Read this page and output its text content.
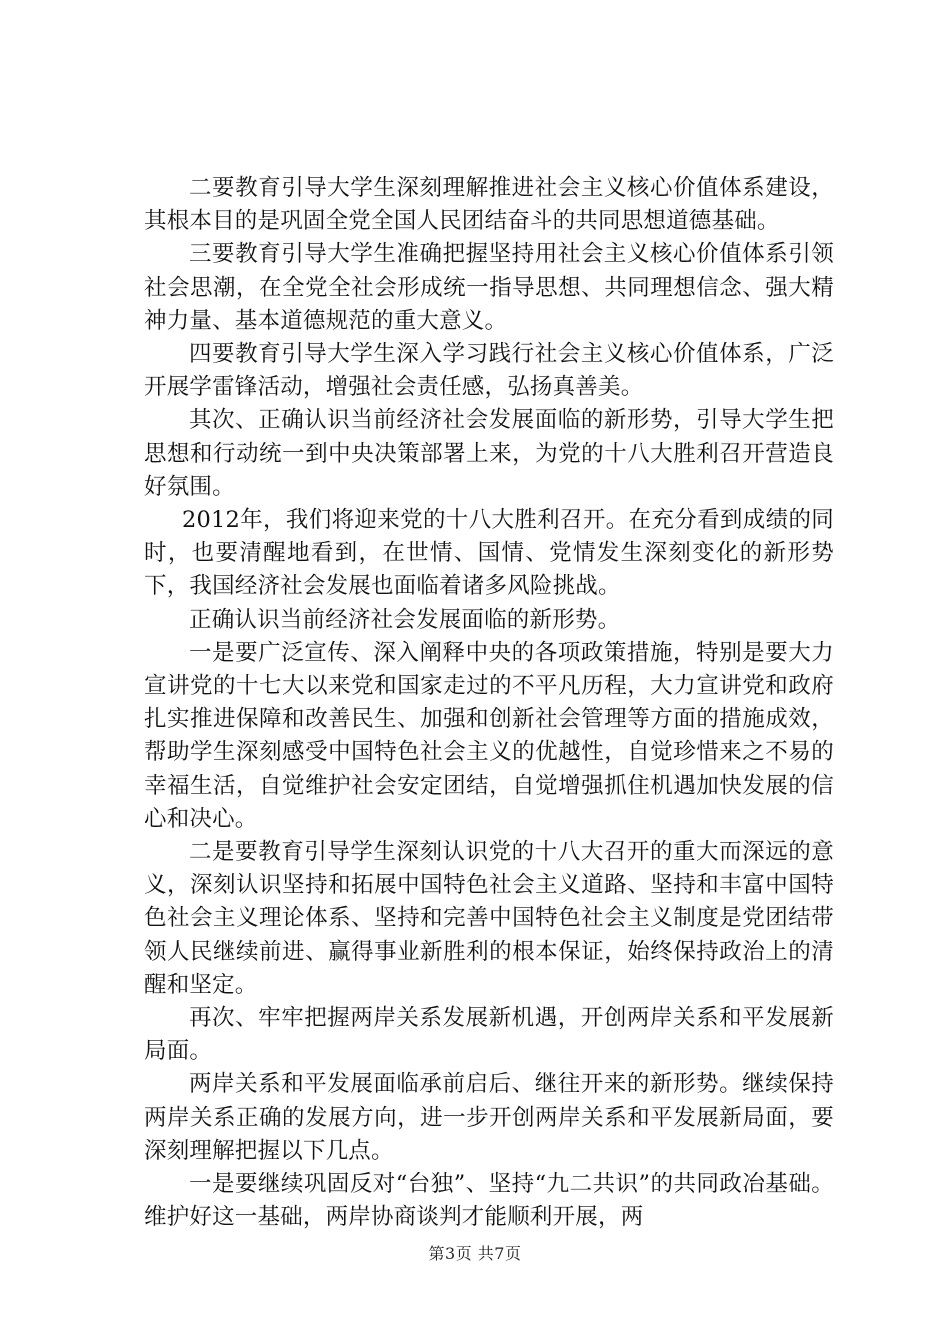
二要教育引导大学生深刻理解推进社会主义核心价值体系建设，其根本目的是巩固全党全国人民团结奋斗的共同思想道德基础。

三要教育引导大学生准确把握坚持用社会主义核心价值体系引领社会思潮，在全党全社会形成统一指导思想、共同理想信念、强大精神力量、基本道德规范的重大意义。

四要教育引导大学生深入学习践行社会主义核心价值体系，广泛开展学雷锋活动，增强社会责任感，弘扬真善美。

其次、正确认识当前经济社会发展面临的新形势，引导大学生把思想和行动统一到中央决策部署上来，为党的十八大胜利召开营造良好氛围。

2012年，我们将迎来党的十八大胜利召开。在充分看到成绩的同时，也要清醒地看到，在世情、国情、党情发生深刻变化的新形势下，我国经济社会发展也面临着诸多风险挑战。

正确认识当前经济社会发展面临的新形势。

一是要广泛宣传、深入阐释中央的各项政策措施，特别是要大力宣讲党的十七大以来党和国家走过的不平凡历程，大力宣讲党和政府扎实推进保障和改善民生、加强和创新社会管理等方面的措施成效，帮助学生深刻感受中国特色社会主义的优越性，自觉珍惜来之不易的幸福生活，自觉维护社会安定团结，自觉增强抓住机遇加快发展的信心和决心。

二是要教育引导学生深刻认识党的十八大召开的重大而深远的意义，深刻认识坚持和拓展中国特色社会主义道路、坚持和丰富中国特色社会主义理论体系、坚持和完善中国特色社会主义制度是党团结带领人民继续前进、赢得事业新胜利的根本保证，始终保持政治上的清醒和坚定。

再次、牢牢把握两岸关系发展新机遇，开创两岸关系和平发展新局面。

两岸关系和平发展面临承前启后、继往开来的新形势。继续保持两岸关系正确的发展方向，进一步开创两岸关系和平发展新局面，要深刻理解把握以下几点。

一是要继续巩固反对“台独”、坚持“九二共识”的共同政冶基础。维护好这一基础，两岸协商谈判才能顺利开展，两

第3页 共7页
